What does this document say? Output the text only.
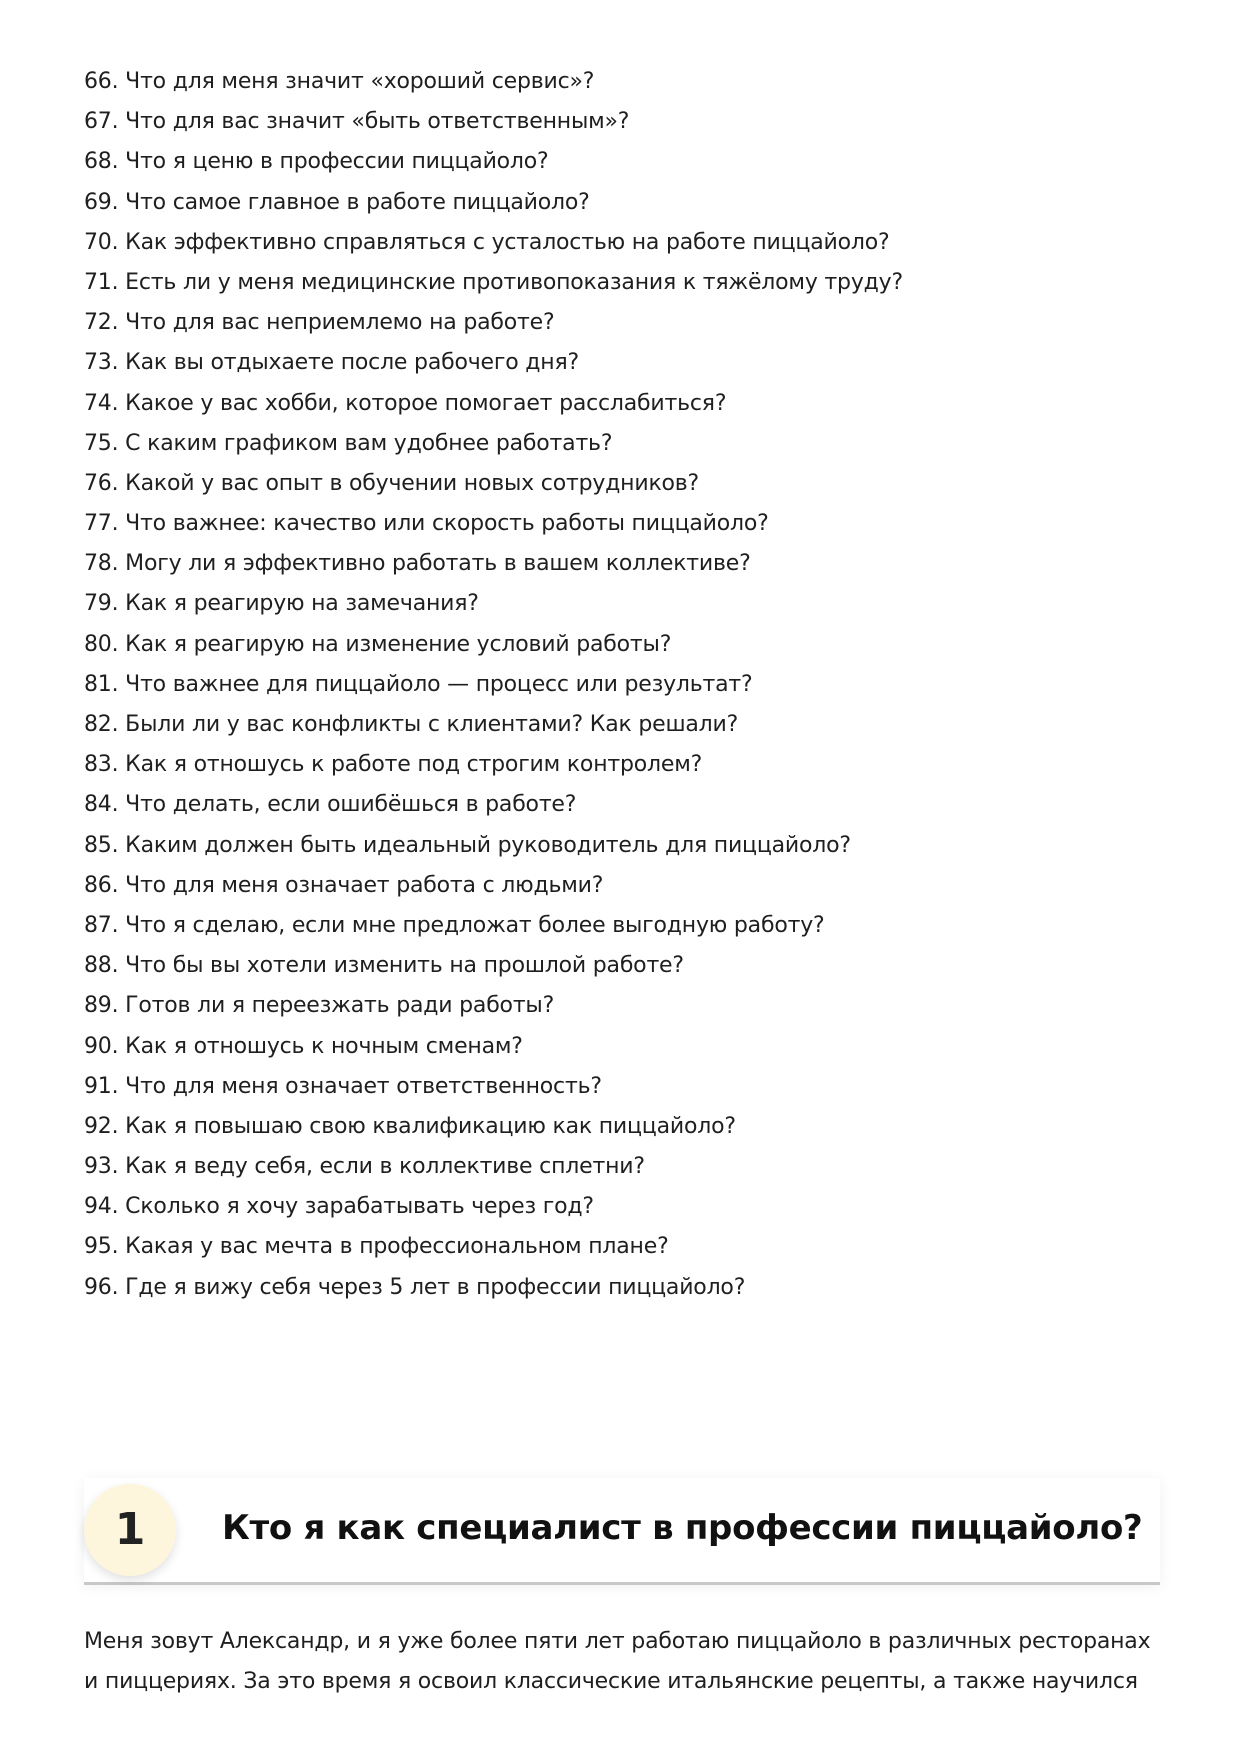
66. Что для меня значит «хороший сервис»?
67. Что для вас значит «быть ответственным»?
68. Что я ценю в профессии пиццайоло?
69. Что самое главное в работе пиццайоло?
70. Как эффективно справляться с усталостью на работе пиццайоло?
71. Есть ли у меня медицинские противопоказания к тяжёлому труду?
72. Что для вас неприемлемо на работе?
73. Как вы отдыхаете после рабочего дня?
74. Какое у вас хобби, которое помогает расслабиться?
75. С каким графиком вам удобнее работать?
76. Какой у вас опыт в обучении новых сотрудников?
77. Что важнее: качество или скорость работы пиццайоло?
78. Могу ли я эффективно работать в вашем коллективе?
79. Как я реагирую на замечания?
80. Как я реагирую на изменение условий работы?
81. Что важнее для пиццайоло — процесс или результат?
82. Были ли у вас конфликты с клиентами? Как решали?
83. Как я отношусь к работе под строгим контролем?
84. Что делать, если ошибёшься в работе?
85. Каким должен быть идеальный руководитель для пиццайоло?
86. Что для меня означает работа с людьми?
87. Что я сделаю, если мне предложат более выгодную работу?
88. Что бы вы хотели изменить на прошлой работе?
89. Готов ли я переезжать ради работы?
90. Как я отношусь к ночным сменам?
91. Что для меня означает ответственность?
92. Как я повышаю свою квалификацию как пиццайоло?
93. Как я веду себя, если в коллективе сплетни?
94. Сколько я хочу зарабатывать через год?
95. Какая у вас мечта в профессиональном плане?
96. Где я вижу себя через 5 лет в профессии пиццайоло?
1	Кто я как специалист в профессии пиццайоло?

Меня зовут Александр, и я уже более пяти лет работаю пиццайоло в различных ресторанах и пиццериях. За это время я освоил классические итальянские рецепты, а также научился
